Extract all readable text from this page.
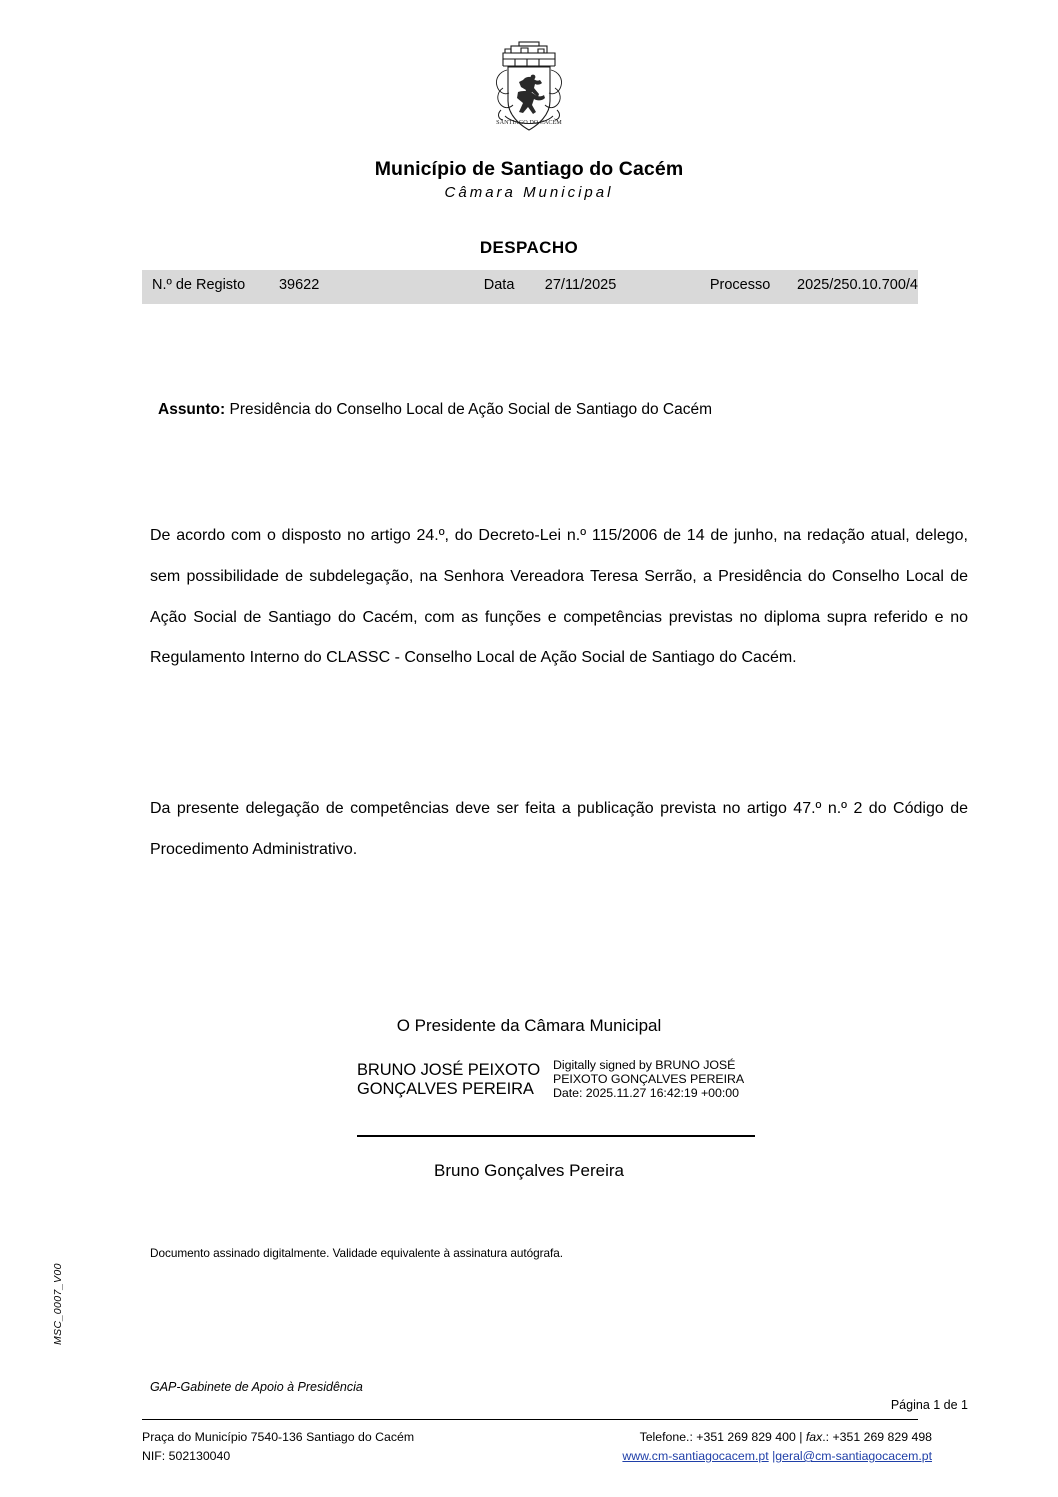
SANTIAGO DO CACÉM
Município de Santiago do Cacém
Câmara Municipal
DESPACHO
N.º de Registo	39622	Data	27/11/2025	Processo	2025/250.10.700/4
Assunto: Presidência do Conselho Local de Ação Social de Santiago do Cacém
De acordo com o disposto no artigo 24.º, do Decreto-Lei n.º 115/2006 de 14 de junho, na redação atual, delego, sem possibilidade de subdelegação, na Senhora Vereadora Teresa Serrão, a Presidência do Conselho Local de Ação Social de Santiago do Cacém, com as funções e competências previstas no diploma supra referido e no Regulamento Interno do CLASSC - Conselho Local de Ação Social de Santiago do Cacém.
Da presente delegação de competências deve ser feita a publicação prevista no artigo 47.º n.º 2 do Código de Procedimento Administrativo.
O Presidente da Câmara Municipal
BRUNO JOSÉ PEIXOTO GONÇALVES PEREIRA
Digitally signed by BRUNO JOSÉ PEIXOTO GONÇALVES PEREIRA
Date: 2025.11.27 16:42:19 +00:00
Bruno Gonçalves Pereira
Documento assinado digitalmente. Validade equivalente à assinatura autógrafa.
MSC_0007_V00
GAP-Gabinete de Apoio à Presidência
Página 1 de 1
Praça do Município 7540-136 Santiago do Cacém
NIF: 502130040
Telefone.: +351 269 829 400 | fax.: +351 269 829 498
www.cm-santiagocacem.pt |geral@cm-santiagocacem.pt
